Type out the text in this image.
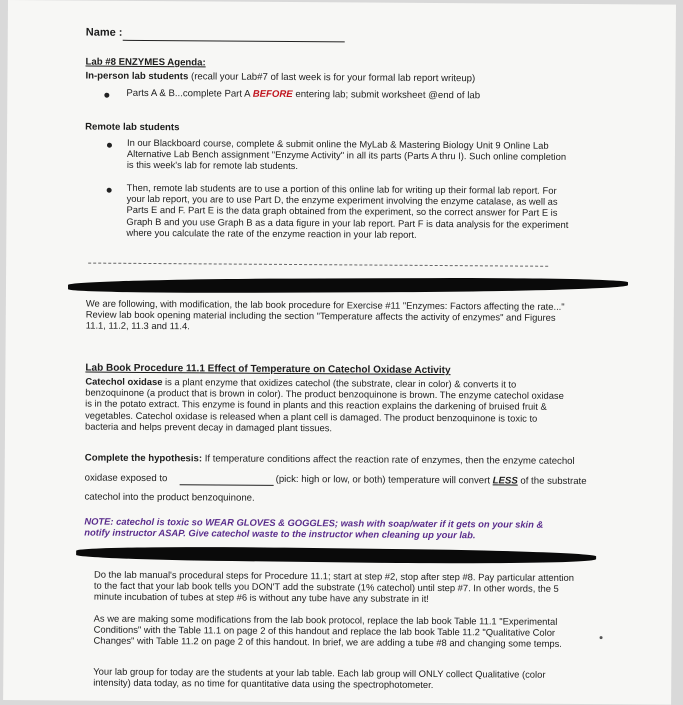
Name :
Lab #8 ENZYMES Agenda:
In-person lab students (recall your Lab#7 of last week is for your formal lab report writeup)
Parts A & B...complete Part A BEFORE entering lab; submit worksheet @end of lab
Remote lab students
In our Blackboard course, complete & submit online the MyLab & Mastering Biology Unit 9 Online Lab
Alternative Lab Bench assignment "Enzyme Activity" in all its parts (Parts A thru I). Such online completion
is this week's lab for remote lab students.
Then, remote lab students are to use a portion of this online lab for writing up their formal lab report. For
your lab report, you are to use Part D, the enzyme experiment involving the enzyme catalase, as well as
Parts E and F. Part E is the data graph obtained from the experiment, so the correct answer for Part E is
Graph B and you use Graph B as a data figure in your lab report. Part F is data analysis for the experiment
where you calculate the rate of the enzyme reaction in your lab report.
We are following, with modification, the lab book procedure for Exercise #11 "Enzymes: Factors affecting the rate..."
Review lab book opening material including the section "Temperature affects the activity of enzymes" and Figures
11.1, 11.2, 11.3 and 11.4.
Lab Book Procedure 11.1 Effect of Temperature on Catechol Oxidase Activity
Catechol oxidase is a plant enzyme that oxidizes catechol (the substrate, clear in color) & converts it to
benzoquinone (a product that is brown in color). The product benzoquinone is brown. The enzyme catechol oxidase
is in the potato extract. This enzyme is found in plants and this reaction explains the darkening of bruised fruit &
vegetables. Catechol oxidase is released when a plant cell is damaged. The product benzoquinone is toxic to
bacteria and helps prevent decay in damaged plant tissues.
Complete the hypothesis: If temperature conditions affect the reaction rate of enzymes, then the enzyme catechol
oxidase exposed to	(pick: high or low, or both) temperature will convert LESS of the substrate
catechol into the product benzoquinone.
NOTE: catechol is toxic so WEAR GLOVES & GOGGLES; wash with soap/water if it gets on your skin &
notify instructor ASAP. Give catechol waste to the instructor when cleaning up your lab.
Do the lab manual's procedural steps for Procedure 11.1; start at step #2, stop after step #8. Pay particular attention
to the fact that your lab book tells you DON'T add the substrate (1% catechol) until step #7. In other words, the 5
minute incubation of tubes at step #6 is without any tube have any substrate in it!
As we are making some modifications from the lab book protocol, replace the lab book Table 11.1 "Experimental
Conditions" with the Table 11.1 on page 2 of this handout and replace the lab book Table 11.2 "Qualitative Color
Changes" with Table 11.2 on page 2 of this handout. In brief, we are adding a tube #8 and changing some temps.
Your lab group for today are the students at your lab table. Each lab group will ONLY collect Qualitative (color
intensity) data today, as no time for quantitative data using the spectrophotometer.
